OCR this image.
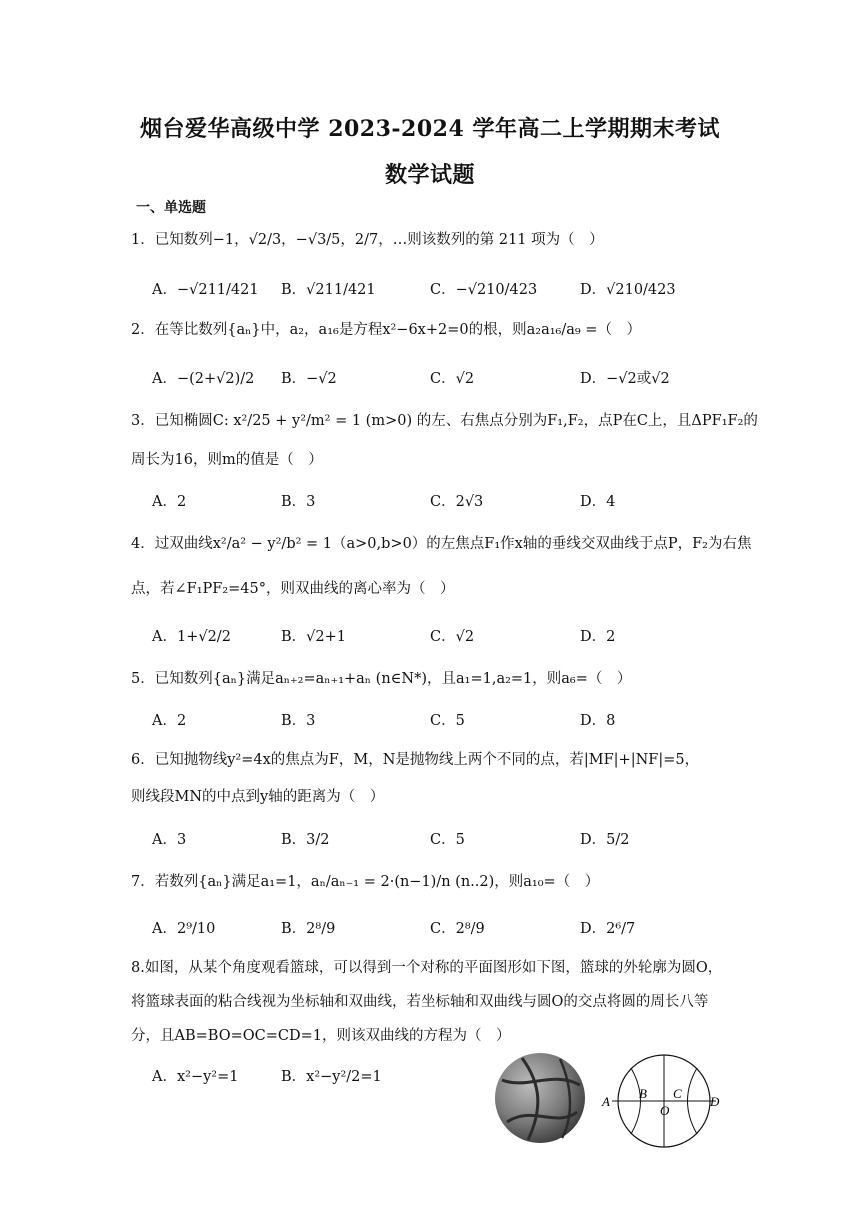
烟台爱华高级中学 2023-2024 学年高二上学期期末考试
数学试题
一、单选题
1．已知数列−1，√2/3，−√3/5，2/7，…则该数列的第 211 项为（　）
A．−√211/421 B．√211/421	C．−√210/423	D．√210/423
2．在等比数列{aₙ}中，a₂，a₁₆是方程x²−6x+2=0的根，则a₂a₁₆/a₉ =（　）
A．−(2+√2)/2 B．−√2	C．√2	D．−√2或√2
3．已知椭圆C: x²/25 + y²/m² = 1 (m>0) 的左、右焦点分别为F₁,F₂，点P在C上，且ΔPF₁F₂的
周长为16，则m的值是（　）
A．2	B．3	C．2√3	D．4
4．过双曲线x²/a² − y²/b² = 1（a>0,b>0）的左焦点F₁作x轴的垂线交双曲线于点P，F₂为右焦
点，若∠F₁PF₂=45°，则双曲线的离心率为（　）
A．1+√2/2	B．√2+1	C．√2	D．2
5．已知数列{aₙ}满足aₙ₊₂=aₙ₊₁+aₙ (n∈N*)，且a₁=1,a₂=1，则a₆=（　）
A．2	B．3	C．5	D．8
6．已知抛物线y²=4x的焦点为F，M，N是抛物线上两个不同的点，若|MF|+|NF|=5，
则线段MN的中点到y轴的距离为（　）
A．3	B．3/2	C．5	D．5/2
7．若数列{aₙ}满足a₁=1，aₙ/aₙ₋₁ = 2·(n−1)/n (n..2)，则a₁₀=（　）
A．2⁹/10	B．2⁸/9	C．2⁸/9	D．2⁶/7
8.如图，从某个角度观看篮球，可以得到一个对称的平面图形如下图，篮球的外轮廓为圆O，
将篮球表面的粘合线视为坐标轴和双曲线，若坐标轴和双曲线与圆O的交点将圆的周长八等
分，且AB=BO=OC=CD=1，则该双曲线的方程为（　）
A．x²−y²=1	B．x²−y²/2=1
A
B
O
C
D
